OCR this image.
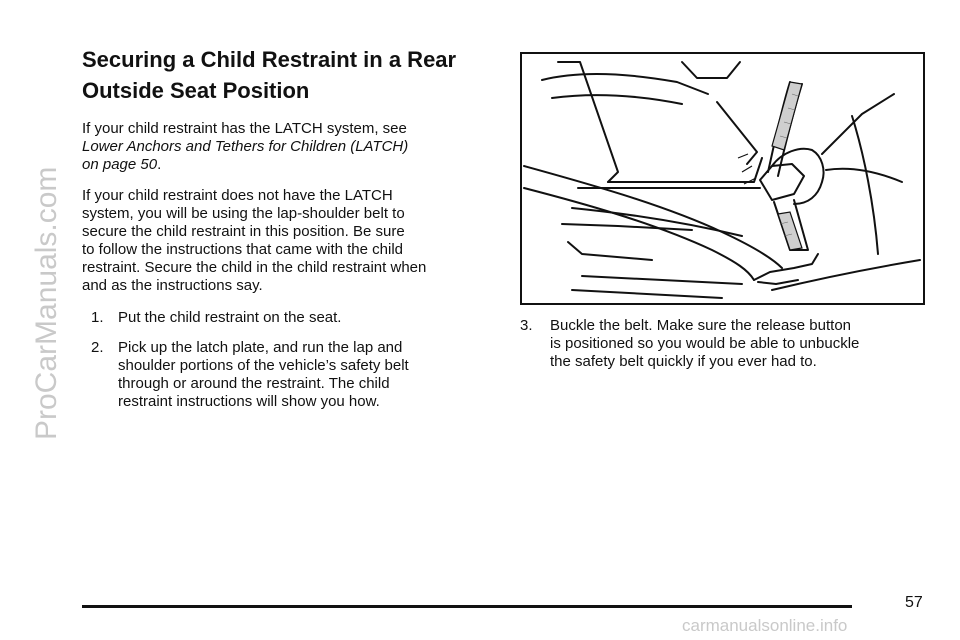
ProCarManuals.com
Securing a Child Restraint in a Rear
Outside Seat Position

If your child restraint has the LATCH system, see
Lower Anchors and Tethers for Children (LATCH)
on page 50.

If your child restraint does not have the LATCH
system, you will be using the lap-shoulder belt to
secure the child restraint in this position. Be sure
to follow the instructions that came with the child
restraint. Secure the child in the child restraint when
and as the instructions say.

1. Put the child restraint on the seat.
2. Pick up the latch plate, and run the lap and
shoulder portions of the vehicle’s safety belt
through or around the restraint. The child
restraint instructions will show you how.
3. Buckle the belt. Make sure the release button
is positioned so you would be able to unbuckle
the safety belt quickly if you ever had to.
57
carmanualsonline.info
